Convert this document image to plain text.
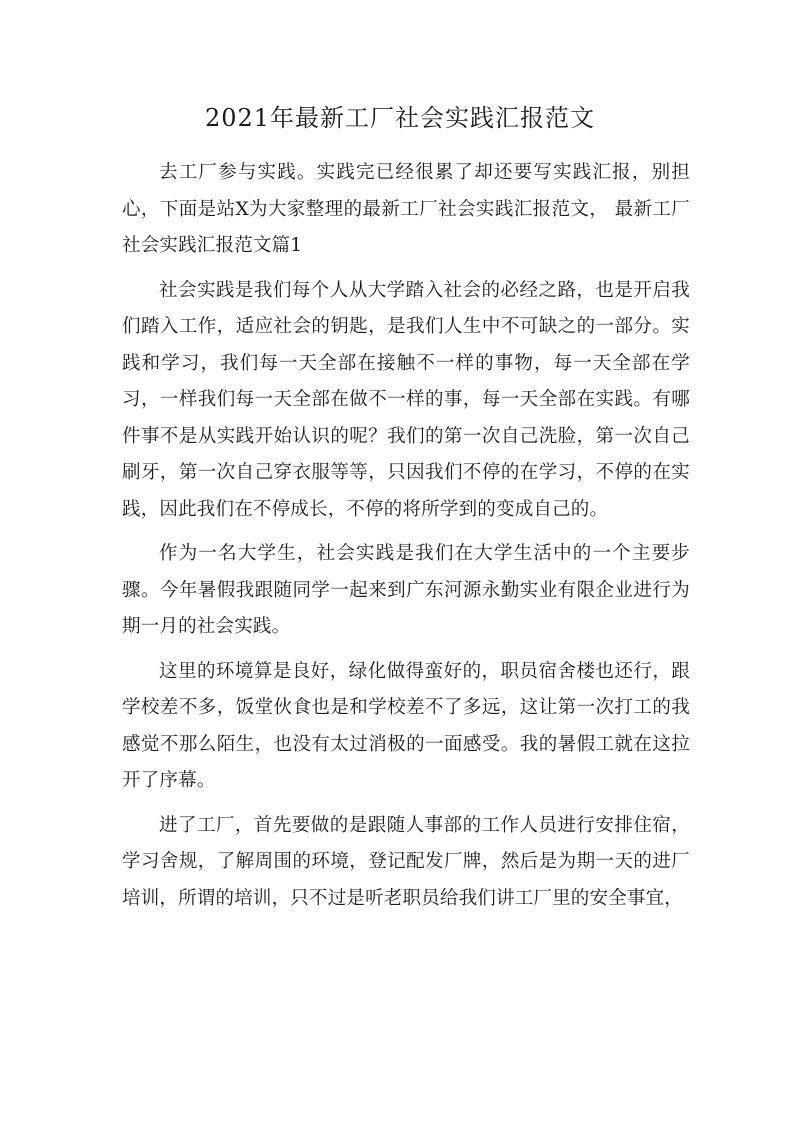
2021年最新工厂社会实践汇报范文

去工厂参与实践。实践完已经很累了却还要写实践汇报，别担心，下面是站X为大家整理的最新工厂社会实践汇报范文， 最新工厂社会实践汇报范文篇1

社会实践是我们每个人从大学踏入社会的必经之路，也是开启我们踏入工作，适应社会的钥匙，是我们人生中不可缺之的一部分。实践和学习，我们每一天全部在接触不一样的事物，每一天全部在学习，一样我们每一天全部在做不一样的事，每一天全部在实践。有哪件事不是从实践开始认识的呢？我们的第一次自己洗脸，第一次自己刷牙，第一次自己穿衣服等等，只因我们不停的在学习，不停的在实践，因此我们在不停成长，不停的将所学到的变成自己的。

作为一名大学生，社会实践是我们在大学生活中的一个主要步骤。今年暑假我跟随同学一起来到广东河源永勤实业有限企业进行为期一月的社会实践。

这里的环境算是良好，绿化做得蛮好的，职员宿舍楼也还行，跟学校差不多，饭堂伙食也是和学校差不了多远，这让第一次打工的我感觉不那么陌生，也没有太过消极的一面感受。我的暑假工就在这拉开了序幕。

进了工厂，首先要做的是跟随人事部的工作人员进行安排住宿，学习舍规，了解周围的环境，登记配发厂牌，然后是为期一天的进厂培训，所谓的培训，只不过是听老职员给我们讲工厂里的安全事宜，
